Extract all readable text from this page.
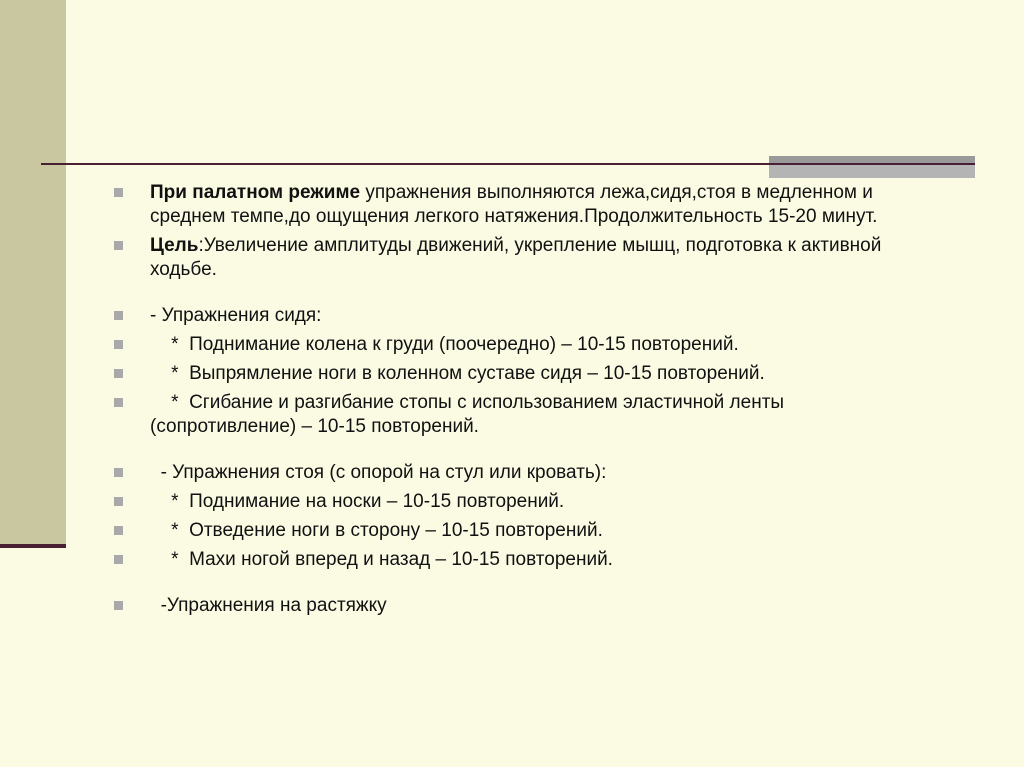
При палатном режиме упражнения выполняются лежа,сидя,стоя в медленном и среднем темпе,до ощущения легкого натяжения.Продолжительность 15-20 минут.
Цель:Увеличение амплитуды движений, укрепление мышц, подготовка к активной ходьбе.
- Упражнения сидя:
*  Поднимание колена к груди (поочередно) – 10-15 повторений.
*  Выпрямление ноги в коленном суставе сидя – 10-15 повторений.
*  Сгибание и разгибание стопы с использованием эластичной ленты (сопротивление) – 10-15 повторений.
- Упражнения стоя (с опорой на стул или кровать):
*  Поднимание на носки – 10-15 повторений.
*  Отведение ноги в сторону – 10-15 повторений.
*  Махи ногой вперед и назад – 10-15 повторений.
-Упражнения на растяжку
